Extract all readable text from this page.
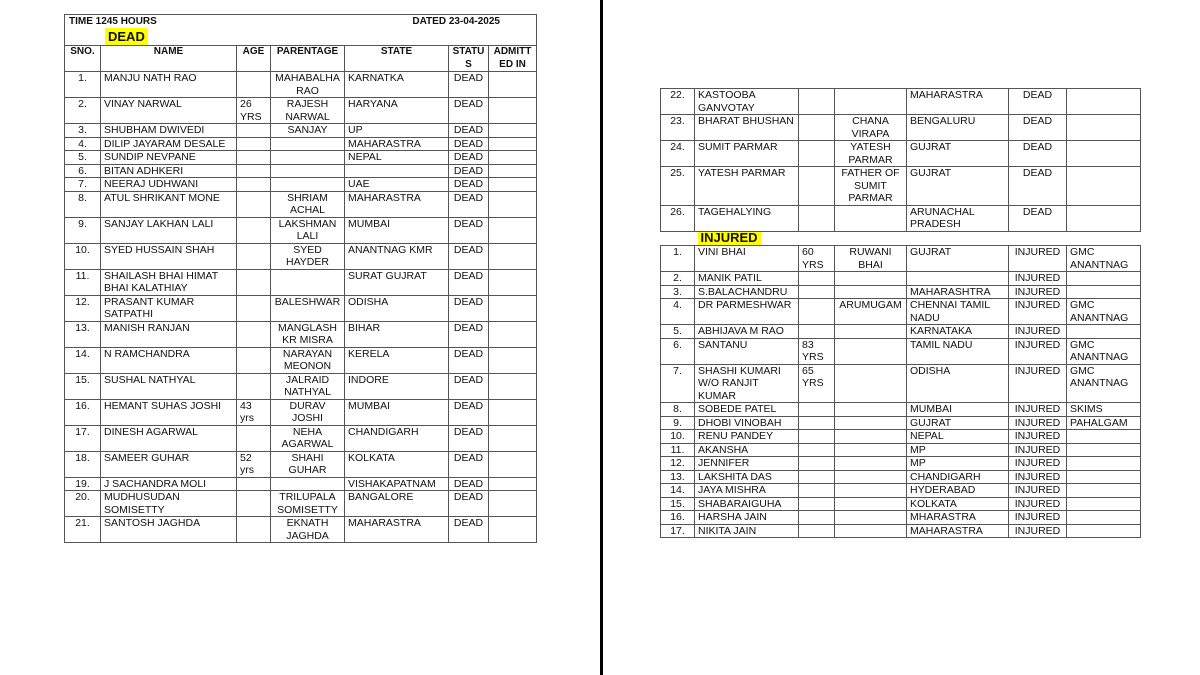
TIME 1245 HOURS DATED 23-04-2025
DEAD						

SNO.	NAME	AGE	PARENTAGE	STATE	STATUS	ADMITTED IN
1.	MANJU NATH RAO		MAHABALHA RAO	KARNATKA	DEAD	
2.	VINAY NARWAL	26 YRS	RAJESH NARWAL	HARYANA	DEAD	
3.	SHUBHAM DWIVEDI		SANJAY	UP	DEAD	
4.	DILIP JAYARAM DESALE			MAHARASTRA	DEAD	
5.	SUNDIP NEVPANE			NEPAL	DEAD	
6.	BITAN ADHKERI				DEAD	
7.	NEERAJ UDHWANI			UAE	DEAD	
8.	ATUL SHRIKANT MONE		SHRIAM ACHAL	MAHARASTRA	DEAD	
9.	SANJAY LAKHAN LALI		LAKSHMAN LALI	MUMBAI	DEAD	
10.	SYED HUSSAIN SHAH		SYED HAYDER	ANANTNAG KMR	DEAD	
11.	SHAILASH BHAI HIMAT BHAI KALATHIAY			SURAT GUJRAT	DEAD	
12.	PRASANT KUMAR SATPATHI		BALESHWAR	ODISHA	DEAD	
13.	MANISH RANJAN		MANGLASH KR MISRA	BIHAR	DEAD	
14.	N RAMCHANDRA		NARAYAN MEONON	KERELA	DEAD	
15.	SUSHAL NATHYAL		JALRAID NATHYAL	INDORE	DEAD	
16.	HEMANT SUHAS JOSHI	43 yrs	DURAV JOSHI	MUMBAI	DEAD	
17.	DINESH AGARWAL		NEHA AGARWAL	CHANDIGARH	DEAD	
18.	SAMEER GUHAR	52 yrs	SHAHI GUHAR	KOLKATA	DEAD	
19.	J SACHANDRA MOLI			VISHAKAPATNAM	DEAD	
20.	MUDHUSUDAN SOMISETTY		TRILUPALA SOMISETTY	BANGALORE	DEAD	
21.	SANTOSH JAGHDA		EKNATH JAGHDA	MAHARASTRA	DEAD	
22.	KASTOOBA GANVOTAY			MAHARASTRA	DEAD	
23.	BHARAT BHUSHAN		CHANA VIRAPA	BENGALURU	DEAD	
24.	SUMIT PARMAR		YATESH PARMAR	GUJRAT	DEAD	
25.	YATESH PARMAR		FATHER OF SUMIT PARMAR	GUJRAT	DEAD	
26.	TAGEHALYING			ARUNACHAL PRADESH	DEAD	
	INJURED					
1.	VINI BHAI	60 YRS	RUWANI BHAI	GUJRAT	INJURED	GMC ANANTNAG
2.	MANIK PATIL				INJURED	
3.	S.BALACHANDRU			MAHARASHTRA	INJURED	
4.	DR PARMESHWAR		ARUMUGAM	CHENNAI TAMIL NADU	INJURED	GMC ANANTNAG
5.	ABHIJAVA M RAO			KARNATAKA	INJURED	
6.	SANTANU	83 YRS		TAMIL NADU	INJURED	GMC ANANTNAG
7.	SHASHI KUMARI W/O RANJIT KUMAR	65 YRS		ODISHA	INJURED	GMC ANANTNAG
8.	SOBEDE PATEL			MUMBAI	INJURED	SKIMS
9.	DHOBI VINOBAH			GUJRAT	INJURED	PAHALGAM
10.	RENU PANDEY			NEPAL	INJURED	
11.	AKANSHA			MP	INJURED	
12.	JENNIFER			MP	INJURED	
13.	LAKSHITA DAS			CHANDIGARH	INJURED	
14.	JAYA MISHRA			HYDERABAD	INJURED	
15.	SHABARAIGUHA			KOLKATA	INJURED	
16.	HARSHA JAIN			MHARASTRA	INJURED	
17.	NIKITA JAIN			MAHARASTRA	INJURED	
